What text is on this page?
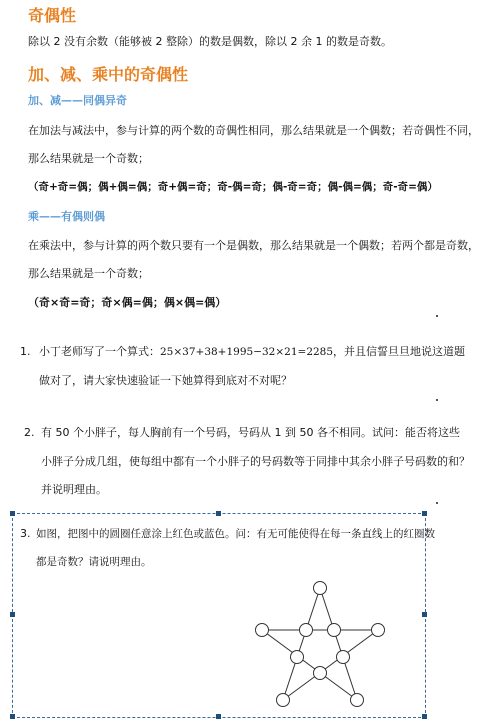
奇偶性
除以 2 没有余数（能够被 2 整除）的数是偶数，除以 2 余 1 的数是奇数。
加、减、乘中的奇偶性
加、减——同偶异奇
在加法与减法中，参与计算的两个数的奇偶性相同，那么结果就是一个偶数；若奇偶性不同，
那么结果就是一个奇数；
（奇+奇=偶；偶+偶=偶；奇+偶=奇；奇-偶=奇；偶-奇=奇；偶-偶=偶；奇-奇=偶）
乘——有偶则偶
在乘法中，参与计算的两个数只要有一个是偶数，那么结果就是一个偶数；若两个都是奇数，
那么结果就是一个奇数；
（奇×奇=奇；奇×偶=偶；偶×偶=偶）
1. 小丁老师写了一个算式：25×37+38+1995−32×21=2285，并且信誓旦旦地说这道题
做对了，请大家快速验证一下她算得到底对不对呢？
2. 有 50 个小胖子，每人胸前有一个号码，号码从 1 到 50 各不相同。试问：能否将这些
小胖子分成几组，使每组中都有一个小胖子的号码数等于同排中其余小胖子号码数的和？
并说明理由。
3. 如图，把图中的圆圈任意涂上红色或蓝色。问：有无可能使得在每一条直线上的红圈数
都是奇数？请说明理由。
